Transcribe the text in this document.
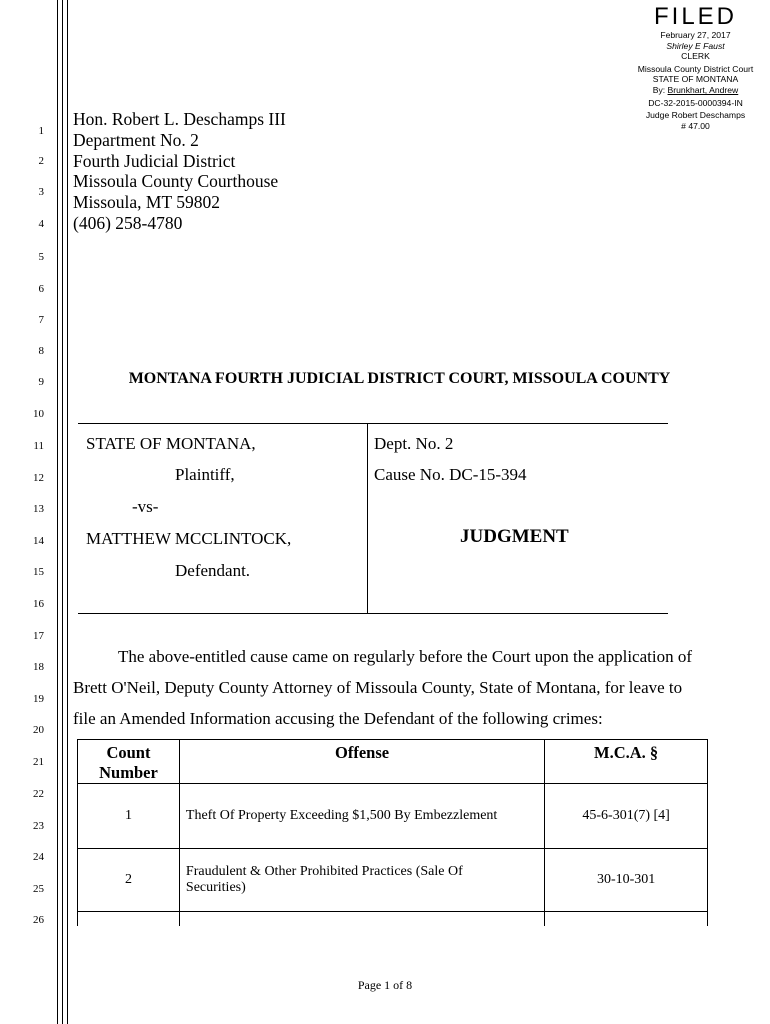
1
2
3
4
5
6
7
8
9
10
11
12
13
14
15
16
17
18
19
20
21
22
23
24
25
26
FILED
February 27, 2017
Shirley E Faust
CLERK
Missoula County District Court
STATE OF MONTANA
By: Brunkhart, Andrew
DC-32-2015-0000394-IN
Judge Robert Deschamps
# 47.00
Hon. Robert L. Deschamps III
Department No. 2
Fourth Judicial District
Missoula County Courthouse
Missoula, MT 59802
(406) 258-4780
MONTANA FOURTH JUDICIAL DISTRICT COURT, MISSOULA COUNTY
STATE OF MONTANA,
Plaintiff,
-vs-
MATTHEW MCCLINTOCK,
Defendant.
Dept. No. 2
Cause No. DC-15-394
JUDGMENT
The above-entitled cause came on regularly before the Court upon the application of
Brett O'Neil, Deputy County Attorney of Missoula County, State of Montana, for leave to
file an Amended Information accusing the Defendant of the following crimes:
Count
Number	Offense	M.C.A. §
1	Theft Of Property Exceeding $1,500 By Embezzlement	45-6-301(7) [4]
2	Fraudulent & Other Prohibited Practices (Sale Of
Securities)	30-10-301

Page 1 of 8
